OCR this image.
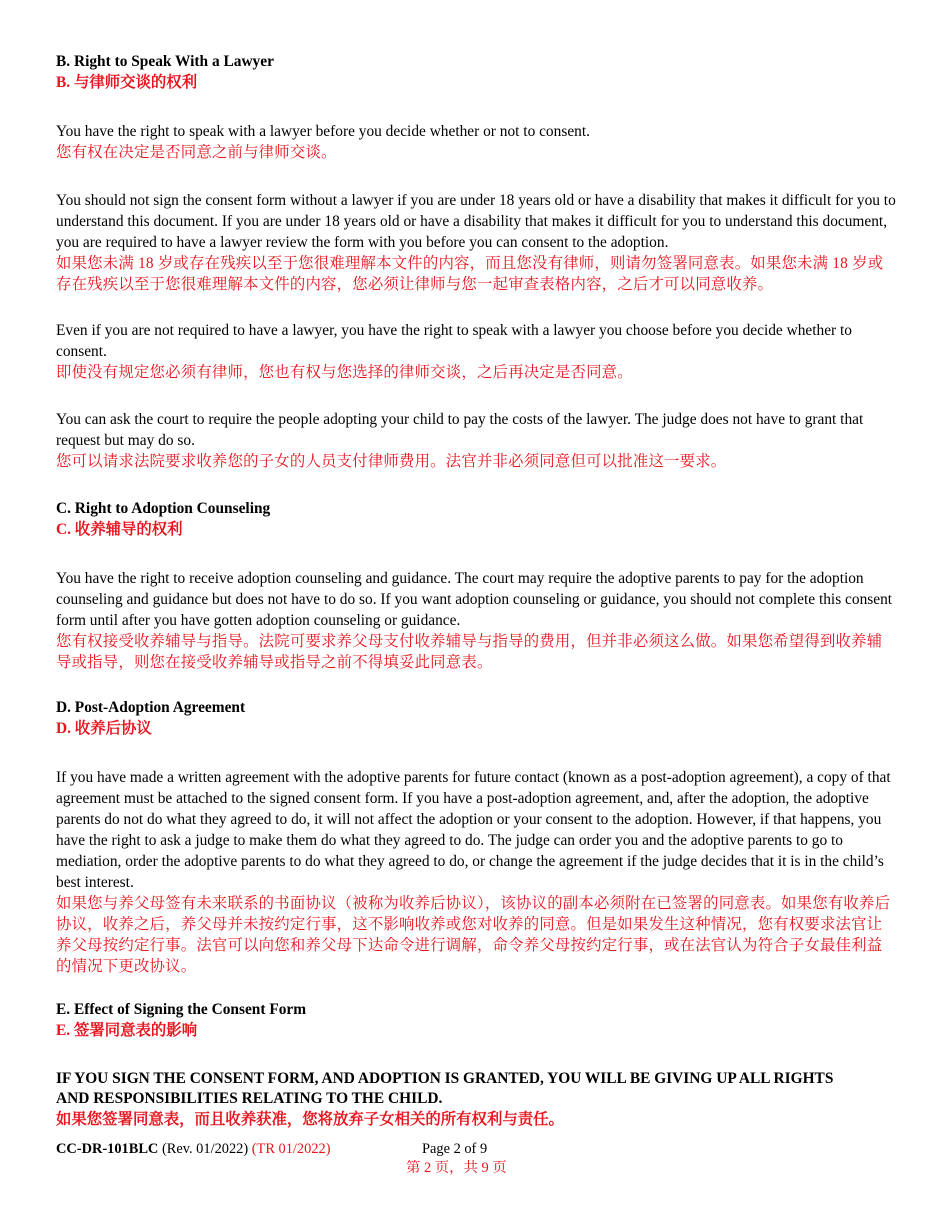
B. Right to Speak With a Lawyer

B. 与律师交谈的权利

You have the right to speak with a lawyer before you decide whether or not to consent.

您有权在决定是否同意之前与律师交谈。

You should not sign the consent form without a lawyer if you are under 18 years old or have a disability that makes it difficult for you to understand this document. If you are under 18 years old or have a disability that makes it difficult for you to understand this document, you are required to have a lawyer review the form with you before you can consent to the adoption.

如果您未满 18 岁或存在残疾以至于您很难理解本文件的内容，而且您没有律师，则请勿签署同意表。如果您未满 18 岁或存在残疾以至于您很难理解本文件的内容，您必须让律师与您一起审查表格内容，之后才可以同意收养。

Even if you are not required to have a lawyer, you have the right to speak with a lawyer you choose before you decide whether to consent.

即使没有规定您必须有律师，您也有权与您选择的律师交谈，之后再决定是否同意。

You can ask the court to require the people adopting your child to pay the costs of the lawyer. The judge does not have to grant that request but may do so.

您可以请求法院要求收养您的子女的人员支付律师费用。法官并非必须同意但可以批准这一要求。

C. Right to Adoption Counseling

C. 收养辅导的权利

You have the right to receive adoption counseling and guidance. The court may require the adoptive parents to pay for the adoption counseling and guidance but does not have to do so. If you want adoption counseling or guidance, you should not complete this consent form until after you have gotten adoption counseling or guidance.

您有权接受收养辅导与指导。法院可要求养父母支付收养辅导与指导的费用，但并非必须这么做。如果您希望得到收养辅导或指导，则您在接受收养辅导或指导之前不得填妥此同意表。

D. Post-Adoption Agreement

D. 收养后协议

If you have made a written agreement with the adoptive parents for future contact (known as a post-adoption agreement), a copy of that agreement must be attached to the signed consent form. If you have a post-adoption agreement, and, after the adoption, the adoptive parents do not do what they agreed to do, it will not affect the adoption or your consent to the adoption. However, if that happens, you have the right to ask a judge to make them do what they agreed to do. The judge can order you and the adoptive parents to go to mediation, order the adoptive parents to do what they agreed to do, or change the agreement if the judge decides that it is in the child’s best interest.

如果您与养父母签有未来联系的书面协议（被称为收养后协议），该协议的副本必须附在已签署的同意表。如果您有收养后协议，收养之后，养父母并未按约定行事，这不影响收养或您对收养的同意。但是如果发生这种情况，您有权要求法官让养父母按约定行事。法官可以向您和养父母下达命令进行调解，命令养父母按约定行事，或在法官认为符合子女最佳利益的情况下更改协议。

E. Effect of Signing the Consent Form

E. 签署同意表的影响

IF YOU SIGN THE CONSENT FORM, AND ADOPTION IS GRANTED, YOU WILL BE GIVING UP ALL RIGHTS AND RESPONSIBILITIES RELATING TO THE CHILD.

如果您签署同意表，而且收养获准，您将放弃子女相关的所有权利与责任。

CC-DR-101BLC (Rev. 01/2022) (TR 01/2022)	Page 2 of 9
第 2 页，共 9 页
